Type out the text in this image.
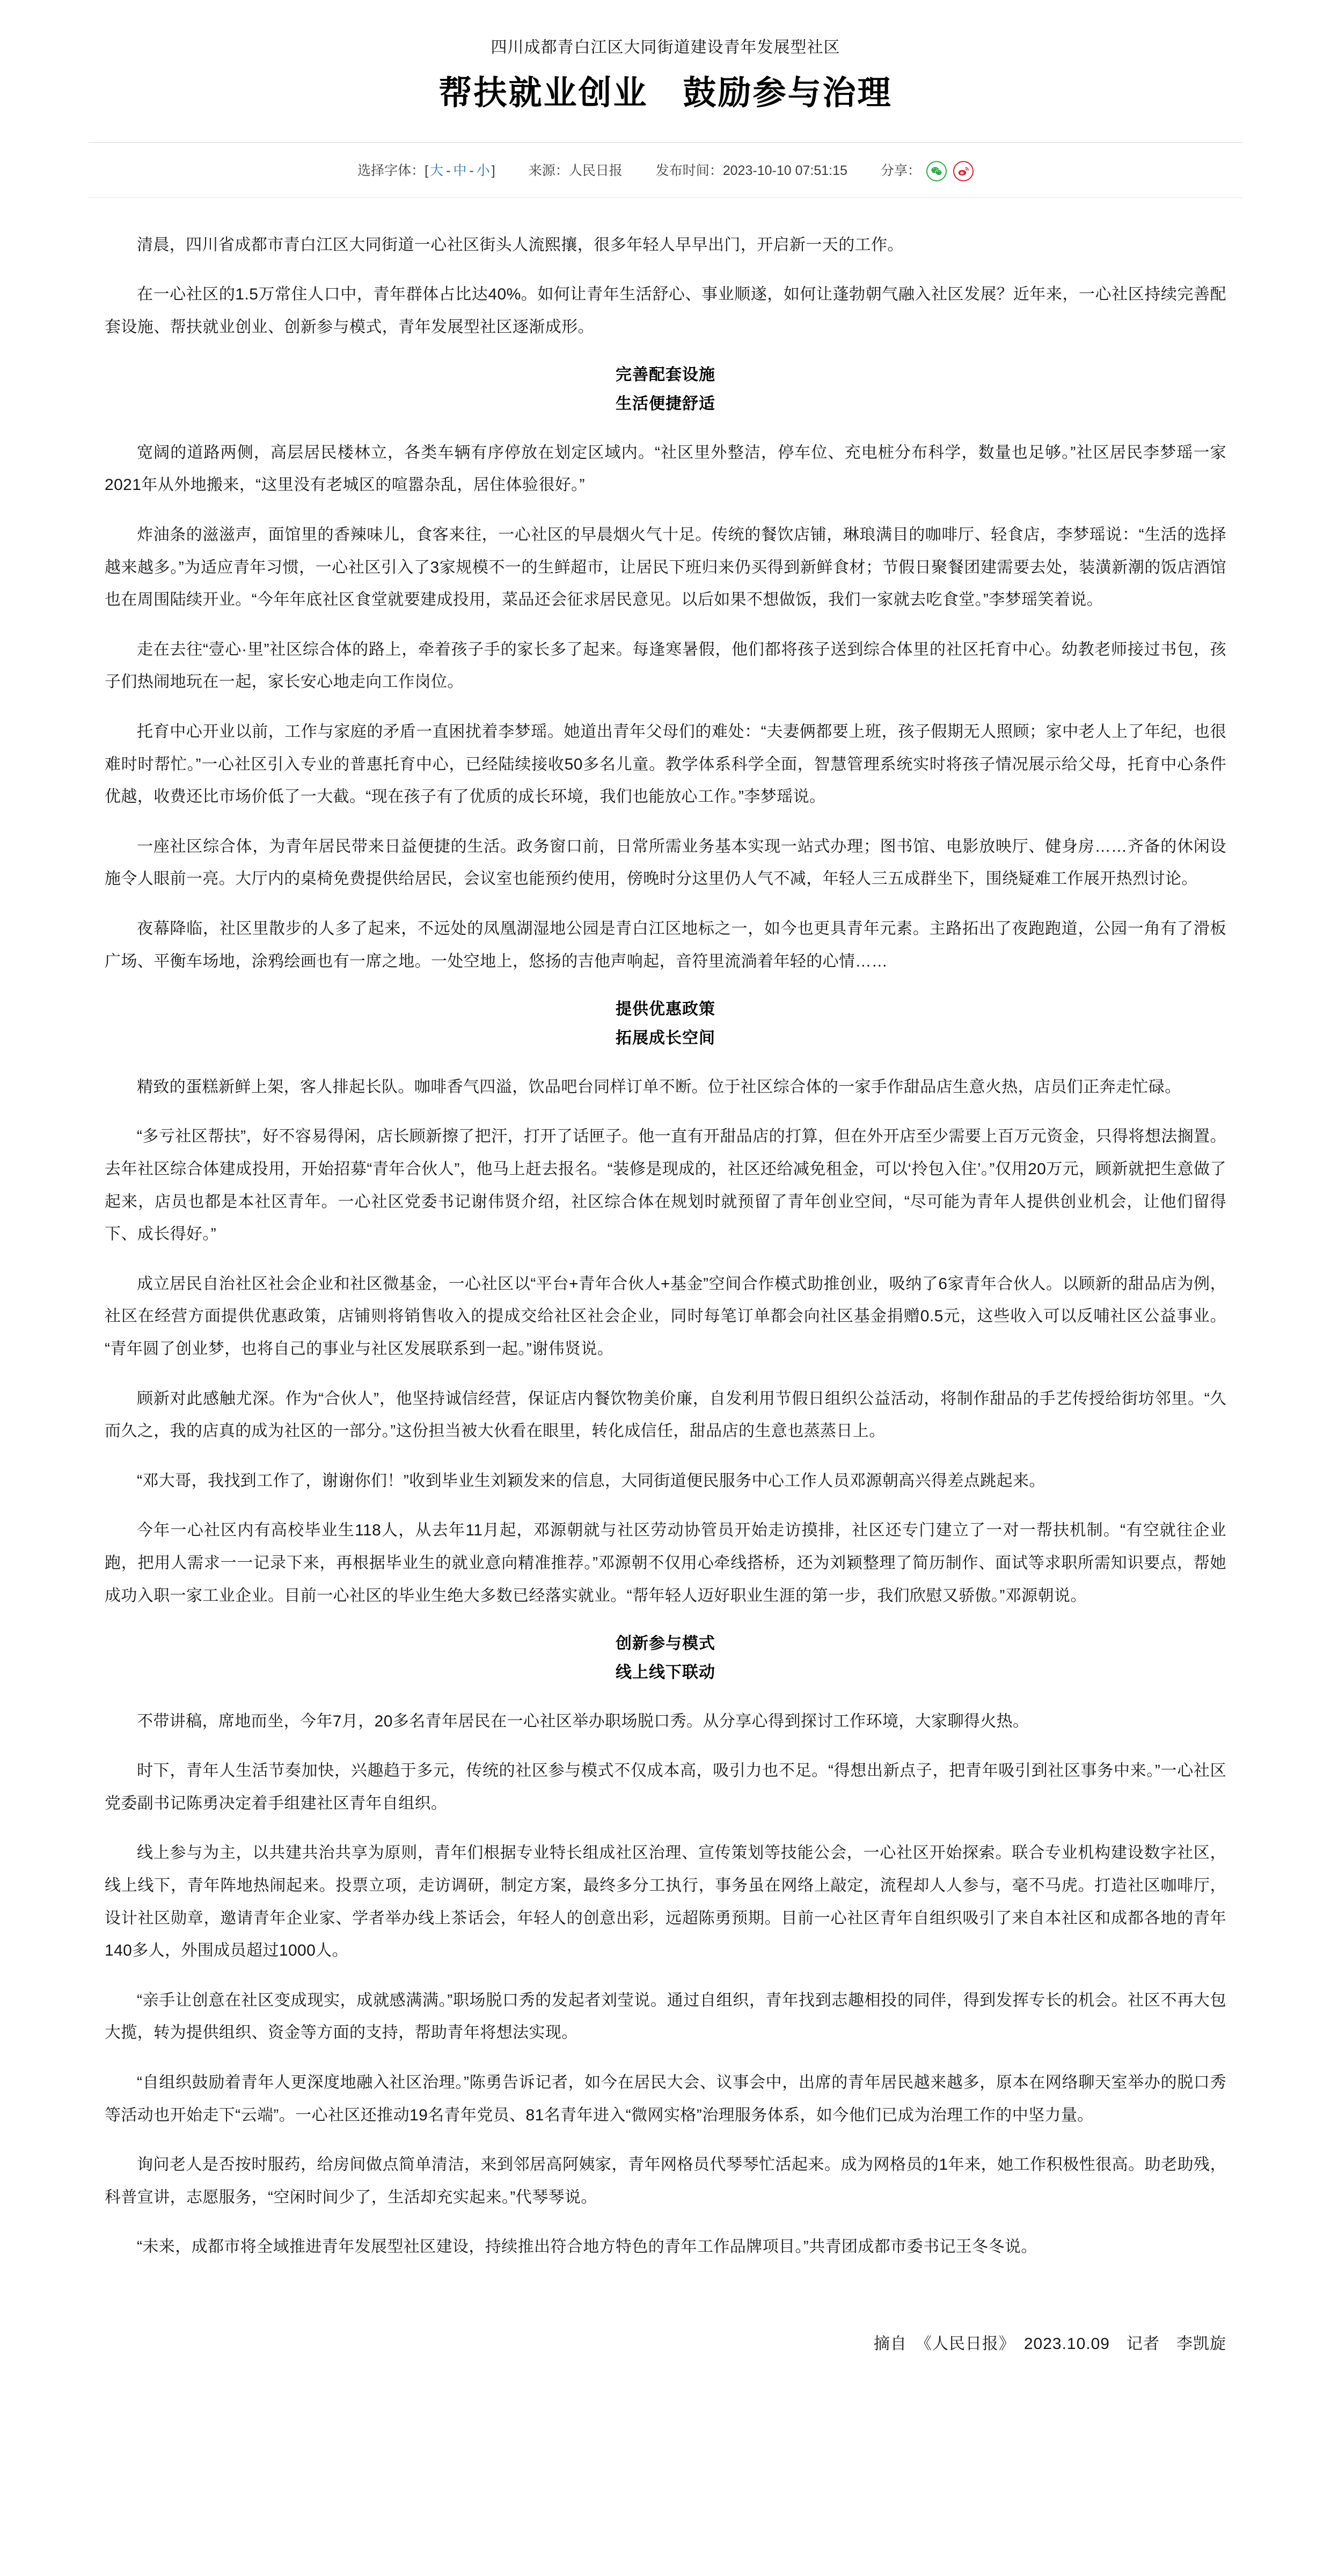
四川成都青白江区大同街道建设青年发展型社区
帮扶就业创业　鼓励参与治理
选择字体： [ 大 - 中 - 小 ] 来源： 人民日报 发布时间： 2023-10-10 07:51:15 分享：

清晨，四川省成都市青白江区大同街道一心社区街头人流熙攘，很多年轻人早早出门，开启新一天的工作。

在一心社区的1.5万常住人口中，青年群体占比达40%。如何让青年生活舒心、事业顺遂，如何让蓬勃朝气融入社区发展？近年来，一心社区持续完善配套设施、帮扶就业创业、创新参与模式，青年发展型社区逐渐成形。

完善配套设施
生活便捷舒适

宽阔的道路两侧，高层居民楼林立，各类车辆有序停放在划定区域内。“社区里外整洁，停车位、充电桩分布科学，数量也足够。”社区居民李梦瑶一家2021年从外地搬来，“这里没有老城区的喧嚣杂乱，居住体验很好。”

炸油条的滋滋声，面馆里的香辣味儿，食客来往，一心社区的早晨烟火气十足。传统的餐饮店铺，琳琅满目的咖啡厅、轻食店，李梦瑶说：“生活的选择越来越多。”为适应青年习惯，一心社区引入了3家规模不一的生鲜超市，让居民下班归来仍买得到新鲜食材；节假日聚餐团建需要去处，装潢新潮的饭店酒馆也在周围陆续开业。“今年年底社区食堂就要建成投用，菜品还会征求居民意见。以后如果不想做饭，我们一家就去吃食堂。”李梦瑶笑着说。

走在去往“壹心·里”社区综合体的路上，牵着孩子手的家长多了起来。每逢寒暑假，他们都将孩子送到综合体里的社区托育中心。幼教老师接过书包，孩子们热闹地玩在一起，家长安心地走向工作岗位。

托育中心开业以前，工作与家庭的矛盾一直困扰着李梦瑶。她道出青年父母们的难处：“夫妻俩都要上班，孩子假期无人照顾；家中老人上了年纪，也很难时时帮忙。”一心社区引入专业的普惠托育中心，已经陆续接收50多名儿童。教学体系科学全面，智慧管理系统实时将孩子情况展示给父母，托育中心条件优越，收费还比市场价低了一大截。“现在孩子有了优质的成长环境，我们也能放心工作。”李梦瑶说。

一座社区综合体，为青年居民带来日益便捷的生活。政务窗口前，日常所需业务基本实现一站式办理；图书馆、电影放映厅、健身房……齐备的休闲设施令人眼前一亮。大厅内的桌椅免费提供给居民，会议室也能预约使用，傍晚时分这里仍人气不减，年轻人三五成群坐下，围绕疑难工作展开热烈讨论。

夜幕降临，社区里散步的人多了起来，不远处的凤凰湖湿地公园是青白江区地标之一，如今也更具青年元素。主路拓出了夜跑跑道，公园一角有了滑板广场、平衡车场地，涂鸦绘画也有一席之地。一处空地上，悠扬的吉他声响起，音符里流淌着年轻的心情……

提供优惠政策
拓展成长空间

精致的蛋糕新鲜上架，客人排起长队。咖啡香气四溢，饮品吧台同样订单不断。位于社区综合体的一家手作甜品店生意火热，店员们正奔走忙碌。

“多亏社区帮扶”，好不容易得闲，店长顾新擦了把汗，打开了话匣子。他一直有开甜品店的打算，但在外开店至少需要上百万元资金，只得将想法搁置。去年社区综合体建成投用，开始招募“青年合伙人”，他马上赶去报名。“装修是现成的，社区还给减免租金，可以‘拎包入住’。”仅用20万元，顾新就把生意做了起来，店员也都是本社区青年。一心社区党委书记谢伟贤介绍，社区综合体在规划时就预留了青年创业空间，“尽可能为青年人提供创业机会，让他们留得下、成长得好。”

成立居民自治社区社会企业和社区微基金，一心社区以“平台+青年合伙人+基金”空间合作模式助推创业，吸纳了6家青年合伙人。以顾新的甜品店为例，社区在经营方面提供优惠政策，店铺则将销售收入的提成交给社区社会企业，同时每笔订单都会向社区基金捐赠0.5元，这些收入可以反哺社区公益事业。“青年圆了创业梦，也将自己的事业与社区发展联系到一起。”谢伟贤说。

顾新对此感触尤深。作为“合伙人”，他坚持诚信经营，保证店内餐饮物美价廉，自发利用节假日组织公益活动，将制作甜品的手艺传授给街坊邻里。“久而久之，我的店真的成为社区的一部分。”这份担当被大伙看在眼里，转化成信任，甜品店的生意也蒸蒸日上。

“邓大哥，我找到工作了，谢谢你们！”收到毕业生刘颖发来的信息，大同街道便民服务中心工作人员邓源朝高兴得差点跳起来。

今年一心社区内有高校毕业生118人，从去年11月起，邓源朝就与社区劳动协管员开始走访摸排，社区还专门建立了一对一帮扶机制。“有空就往企业跑，把用人需求一一记录下来，再根据毕业生的就业意向精准推荐。”邓源朝不仅用心牵线搭桥，还为刘颖整理了简历制作、面试等求职所需知识要点，帮她成功入职一家工业企业。目前一心社区的毕业生绝大多数已经落实就业。“帮年轻人迈好职业生涯的第一步，我们欣慰又骄傲。”邓源朝说。

创新参与模式
线上线下联动

不带讲稿，席地而坐，今年7月，20多名青年居民在一心社区举办职场脱口秀。从分享心得到探讨工作环境，大家聊得火热。

时下，青年人生活节奏加快，兴趣趋于多元，传统的社区参与模式不仅成本高，吸引力也不足。“得想出新点子，把青年吸引到社区事务中来。”一心社区党委副书记陈勇决定着手组建社区青年自组织。

线上参与为主，以共建共治共享为原则，青年们根据专业特长组成社区治理、宣传策划等技能公会，一心社区开始探索。联合专业机构建设数字社区，线上线下，青年阵地热闹起来。投票立项，走访调研，制定方案，最终多分工执行，事务虽在网络上敲定，流程却人人参与，毫不马虎。打造社区咖啡厅，设计社区勋章，邀请青年企业家、学者举办线上茶话会，年轻人的创意出彩，远超陈勇预期。目前一心社区青年自组织吸引了来自本社区和成都各地的青年140多人，外围成员超过1000人。

“亲手让创意在社区变成现实，成就感满满。”职场脱口秀的发起者刘莹说。通过自组织，青年找到志趣相投的同伴，得到发挥专长的机会。社区不再大包大揽，转为提供组织、资金等方面的支持，帮助青年将想法实现。

“自组织鼓励着青年人更深度地融入社区治理。”陈勇告诉记者，如今在居民大会、议事会中，出席的青年居民越来越多，原本在网络聊天室举办的脱口秀等活动也开始走下“云端”。一心社区还推动19名青年党员、81名青年进入“微网实格”治理服务体系，如今他们已成为治理工作的中坚力量。

询问老人是否按时服药，给房间做点简单清洁，来到邻居高阿姨家，青年网格员代琴琴忙活起来。成为网格员的1年来，她工作积极性很高。助老助残，科普宣讲，志愿服务，“空闲时间少了，生活却充实起来。”代琴琴说。

“未来，成都市将全域推进青年发展型社区建设，持续推出符合地方特色的青年工作品牌项目。”共青团成都市委书记王冬冬说。

摘自　《人民日报》　2023.10.09　记者　李凯旋
